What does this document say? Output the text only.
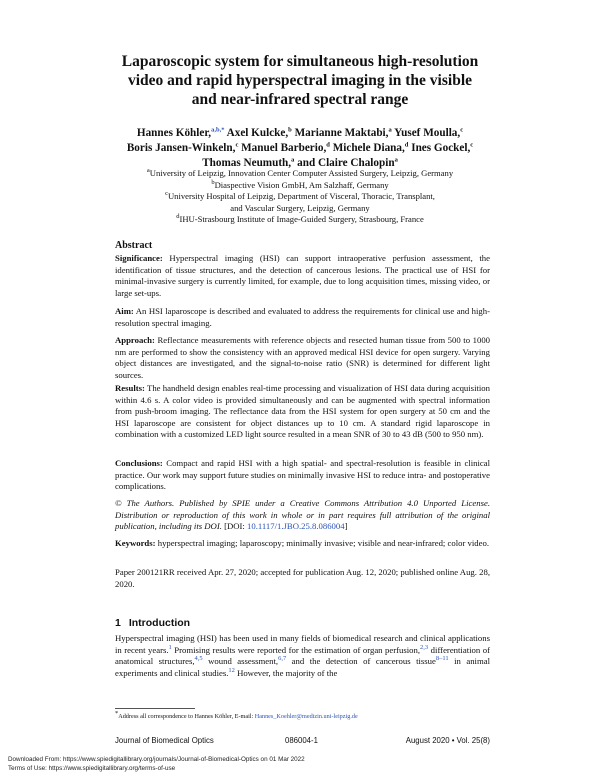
Laparoscopic system for simultaneous high-resolution
video and rapid hyperspectral imaging in the visible
and near-infrared spectral range
Hannes Köhler,$^{a,b,*}$ Axel Kulcke,$^b$ Marianne Maktabi,$^a$ Yusef Moulla,$^c$
Boris Jansen-Winkeln,$^c$ Manuel Barberio,$^d$ Michele Diana,$^d$ Ines Gockel,$^c$
Thomas Neumuth,$^a$ and Claire Chalopin$^a$
$^a$University of Leipzig, Innovation Center Computer Assisted Surgery, Leipzig, Germany
$^b$Diaspective Vision GmbH, Am Salzhaff, Germany
$^c$University Hospital of Leipzig, Department of Visceral, Thoracic, Transplant,
and Vascular Surgery, Leipzig, Germany
$^d$IHU-Strasbourg Institute of Image-Guided Surgery, Strasbourg, France
Abstract
Significance: Hyperspectral imaging (HSI) can support intraoperative perfusion assessment, the identification of tissue structures, and the detection of cancerous lesions. The practical use of HSI for minimal-invasive surgery is currently limited, for example, due to long acquisition times, missing video, or large set-ups.
Aim: An HSI laparoscope is described and evaluated to address the requirements for clinical use and high-resolution spectral imaging.
Approach: Reflectance measurements with reference objects and resected human tissue from 500 to 1000 nm are performed to show the consistency with an approved medical HSI device for open surgery. Varying object distances are investigated, and the signal-to-noise ratio (SNR) is determined for different light sources.
Results: The handheld design enables real-time processing and visualization of HSI data during acquisition within 4.6 s. A color video is provided simultaneously and can be augmented with spectral information from push-broom imaging. The reflectance data from the HSI system for open surgery at 50 cm and the HSI laparoscope are consistent for object distances up to 10 cm. A standard rigid laparoscope in combination with a customized LED light source resulted in a mean SNR of 30 to 43 dB (500 to 950 nm).
Conclusions: Compact and rapid HSI with a high spatial- and spectral-resolution is feasible in clinical practice. Our work may support future studies on minimally invasive HSI to reduce intra- and postoperative complications.
© The Authors. Published by SPIE under a Creative Commons Attribution 4.0 Unported License. Distribution or reproduction of this work in whole or in part requires full attribution of the original publication, including its DOI. [DOI: 10.1117/1.JBO.25.8.086004]
Keywords: hyperspectral imaging; laparoscopy; minimally invasive; visible and near-infrared; color video.
Paper 200121RR received Apr. 27, 2020; accepted for publication Aug. 12, 2020; published online Aug. 28, 2020.
1 Introduction
Hyperspectral imaging (HSI) has been used in many fields of biomedical research and clinical applications in recent years.$^1$ Promising results were reported for the estimation of organ perfusion,$^{2,3}$ differentiation of anatomical structures,$^{4,5}$ wound assessment,$^{6,7}$ and the detection of cancerous tissue$^{8-11}$ in animal experiments and clinical studies.$^{12}$ However, the majority of the
*Address all correspondence to Hannes Köhler, E-mail: Hannes_Koehler@medizin.uni-leipzig.de
Journal of Biomedical Optics	086004-1	August 2020 • Vol. 25(8)
Downloaded From: https://www.spiedigitallibrary.org/journals/Journal-of-Biomedical-Optics on 01 Mar 2022
Terms of Use: https://www.spiedigitallibrary.org/terms-of-use
